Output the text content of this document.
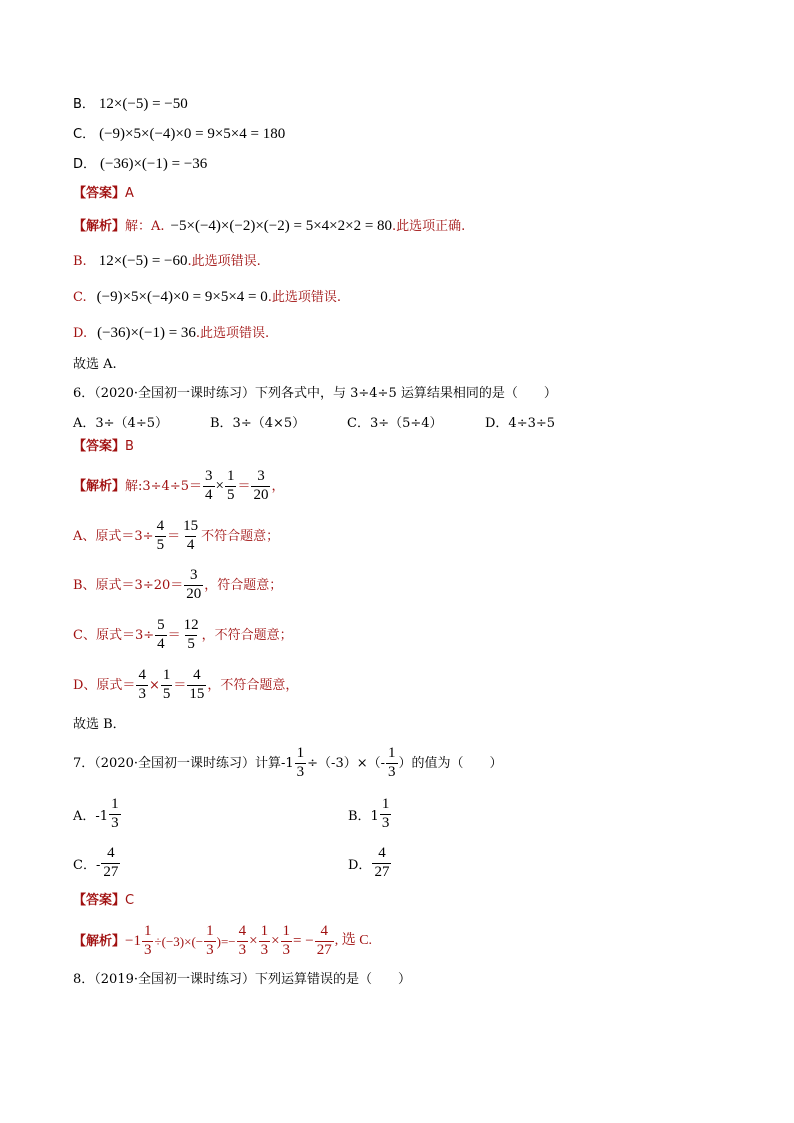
B． 12×(−5) = −50
C． (−9)×5×(−4)×0 = 9×5×4 = 180
D． (−36)×(−1) = −36
【答案】 A
【解析】 解：A. −5×(−4)×(−2)×(−2) = 5×4×2×2 = 80 .此选项正确.
B. 12×(−5) = −60 .此选项错误.
C. (−9)×5×(−4)×0 = 9×5×4 = 0 .此选项错误.
D. (−36)×(−1) = 36 .此选项错误.
故选 A.
6．（2020·全国初一课时练习）下列各式中，与 3÷4÷5 运算结果相同的是（　　）
A．3÷（4÷5）	B．3÷（4×5）	C．3÷（5÷4）	D．4÷3÷5
【答案】 B
【解析】 解:3÷4÷5＝ $\frac{3}{4} \times \frac{1}{5} = \frac{3}{20}$ ，
A、原式$=3\div \frac{4}{5} = \frac{15}{4}$ 不符合题意；
B、原式$=3\div 20= \frac{3}{20}$ ，符合题意；
C、原式$=3\div \frac{5}{4} = \frac{12}{5}$ ，不符合题意；
D、原式＝ $\frac{4}{3} \times \frac{1}{5} = \frac{4}{15}$ ，不符合题意，
故选 B．
7．（2020·全国初一课时练习）计算$-1 \frac{1}{3} \div(-3)\times(- \frac{1}{3}$ ）的值为（　　）
A．$-1 \frac{1}{3}$	B．$1 \frac{1}{3}$
C．- $\frac{4}{27}$	D． $\frac{4}{27}$
【答案】 C
【解析】 $-1 \frac{1}{3} \div(-3)\times(- \frac{1}{3}$ )=− $\frac{4}{3} \times \frac{1}{3} \times \frac{1}{3}$ = − $\frac{4}{27}$ , 选 C.
8．（2019·全国初一课时练习）下列运算错误的是（　　）
